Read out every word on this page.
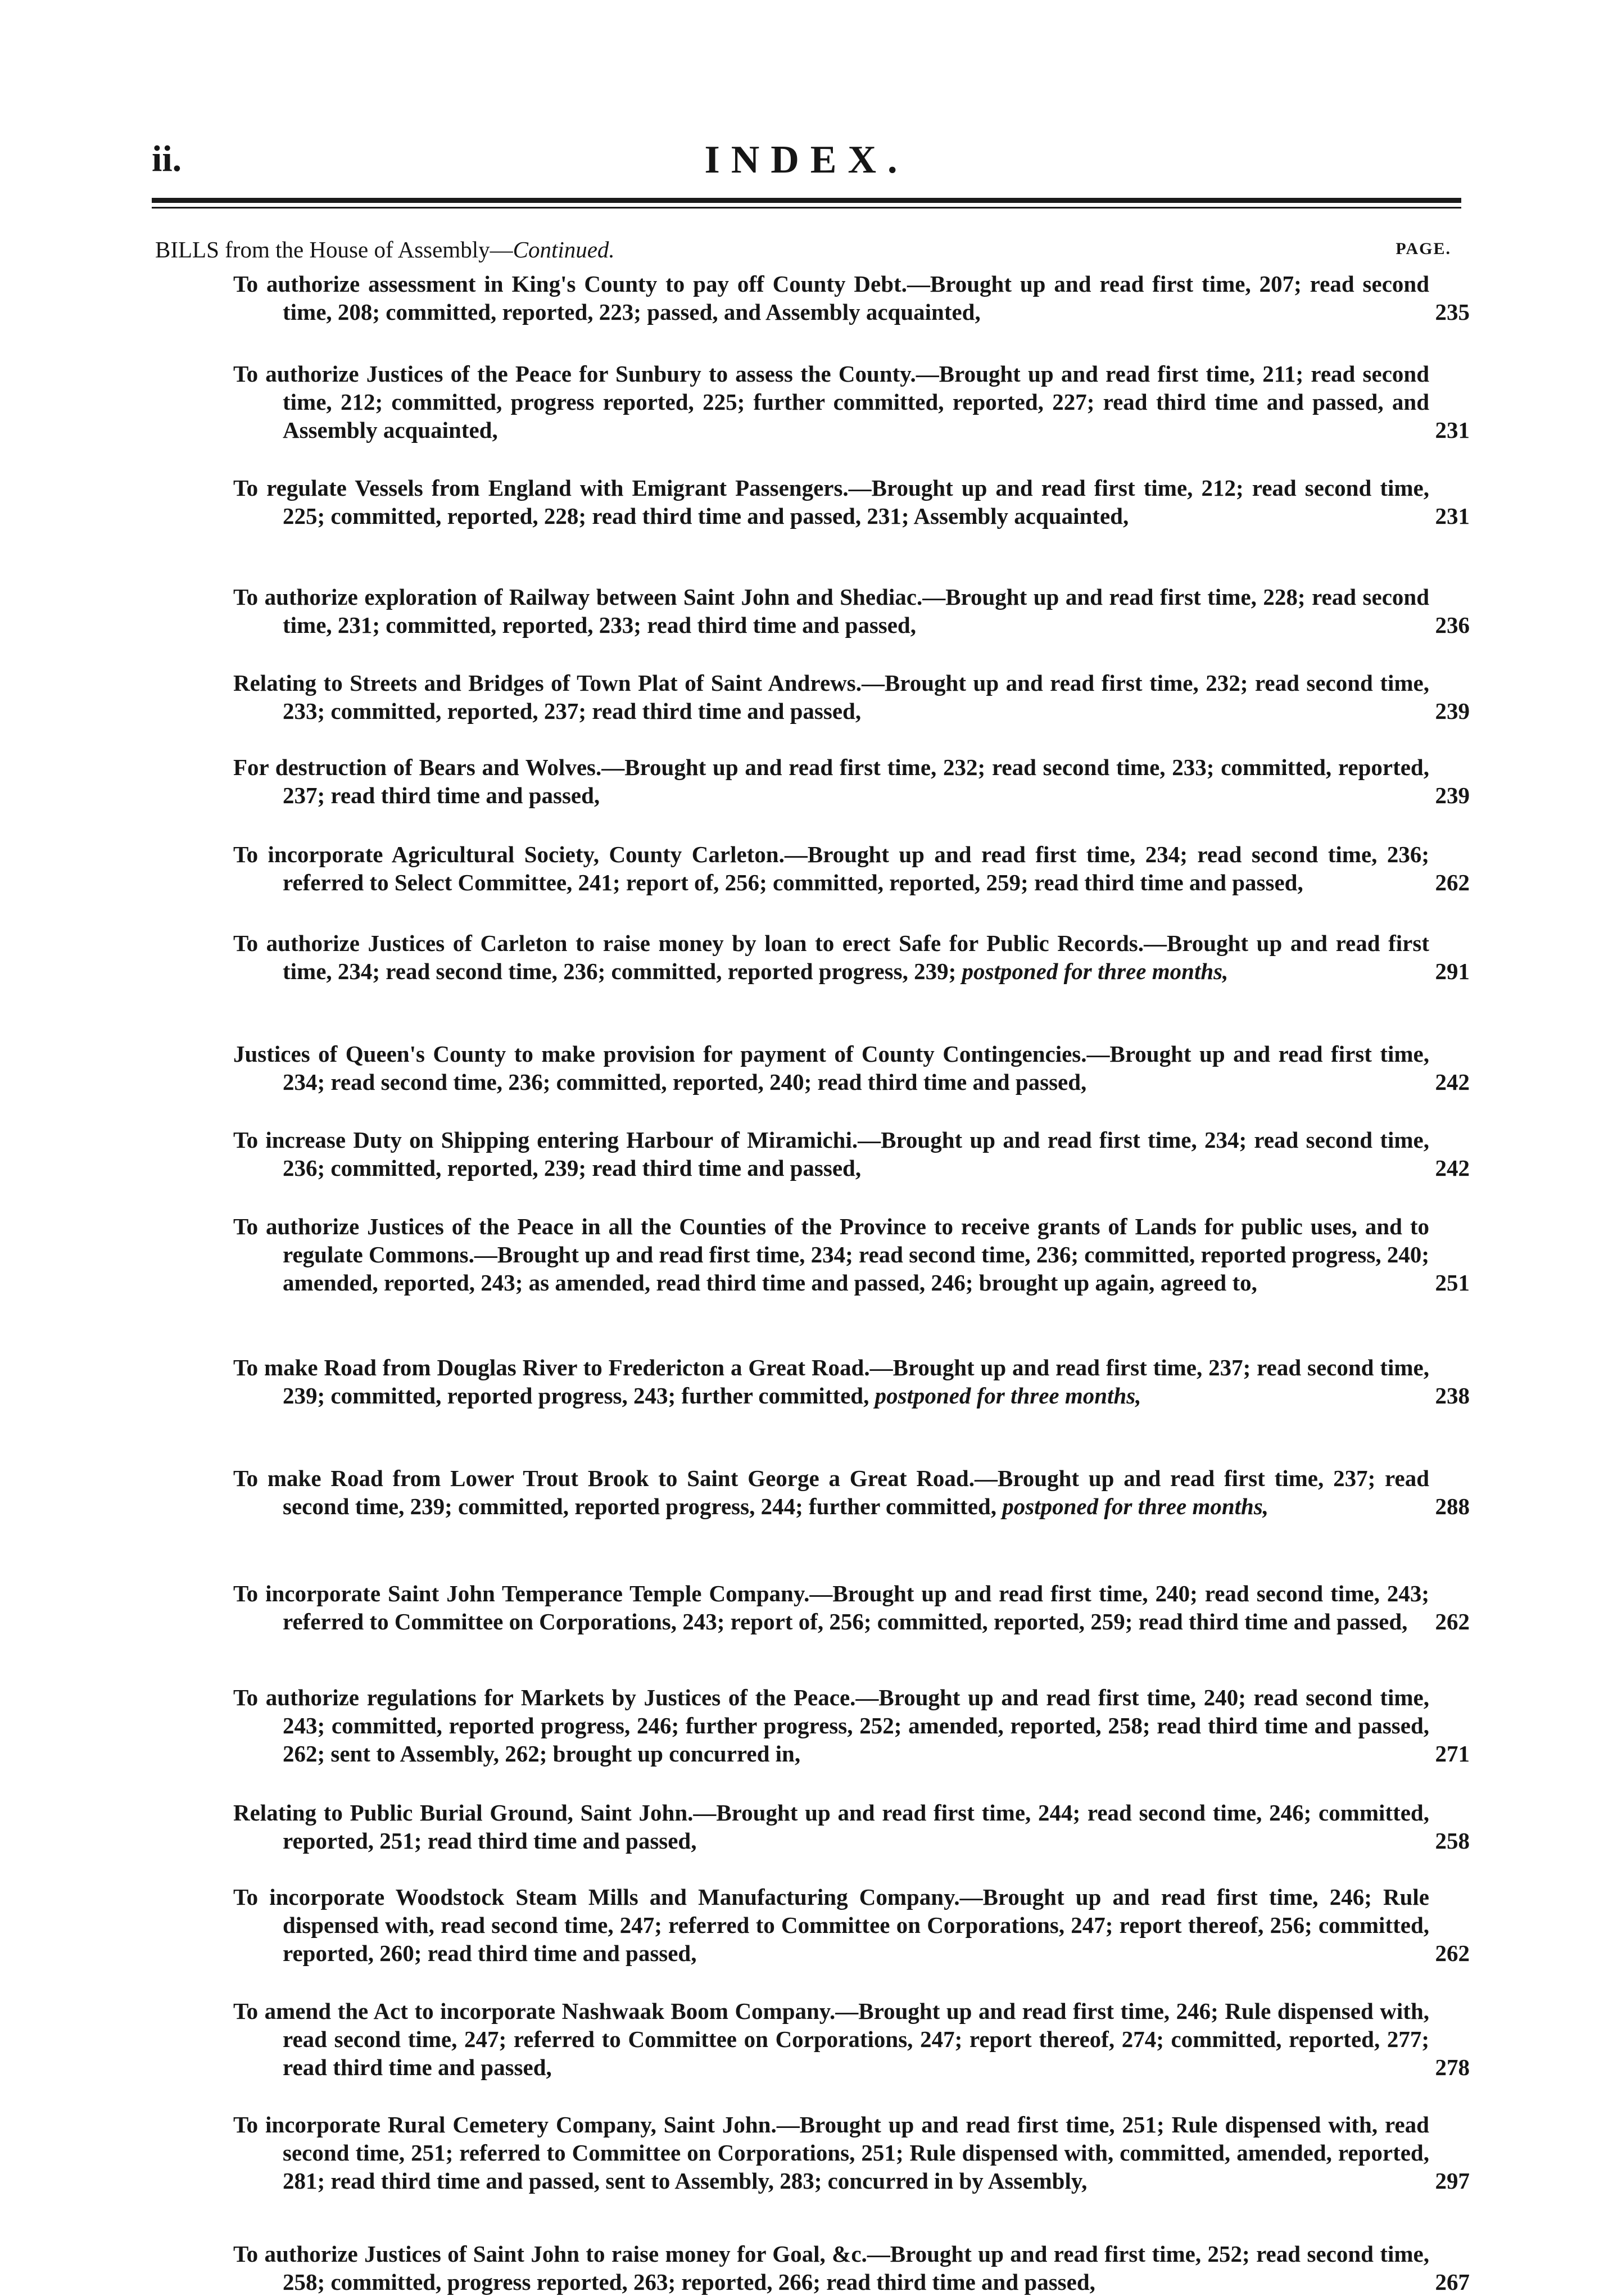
ii.	INDEX.
BILLS from the House of Assembly—Continued.	PAGE.
To authorize assessment in King's County to pay off County Debt.—Brought up and read first time, 207; read second time, 208; committed, reported, 223; passed, and Assembly acquainted,	235
To authorize Justices of the Peace for Sunbury to assess the County.—Brought up and read first time, 211; read second time, 212; committed, progress reported, 225; further committed, reported, 227; read third time and passed, and Assembly acquainted,	231
To regulate Vessels from England with Emigrant Passengers.—Brought up and read first time, 212; read second time, 225; committed, reported, 228; read third time and passed, 231; Assembly acquainted,	231
To authorize exploration of Railway between Saint John and Shediac.—Brought up and read first time, 228; read second time, 231; committed, reported, 233; read third time and passed,	236
Relating to Streets and Bridges of Town Plat of Saint Andrews.—Brought up and read first time, 232; read second time, 233; committed, reported, 237; read third time and passed,	239
For destruction of Bears and Wolves.—Brought up and read first time, 232; read second time, 233; committed, reported, 237; read third time and passed,	239
To incorporate Agricultural Society, County Carleton.—Brought up and read first time, 234; read second time, 236; referred to Select Committee, 241; report of, 256; committed, reported, 259; read third time and passed,	262
To authorize Justices of Carleton to raise money by loan to erect Safe for Public Records.—Brought up and read first time, 234; read second time, 236; committed, reported progress, 239; postponed for three months,	291
Justices of Queen's County to make provision for payment of County Contingencies.—Brought up and read first time, 234; read second time, 236; committed, reported, 240; read third time and passed,	242
To increase Duty on Shipping entering Harbour of Miramichi.—Brought up and read first time, 234; read second time, 236; committed, reported, 239; read third time and passed,	242
To authorize Justices of the Peace in all the Counties of the Province to receive grants of Lands for public uses, and to regulate Commons.—Brought up and read first time, 234; read second time, 236; committed, reported progress, 240; amended, reported, 243; as amended, read third time and passed, 246; brought up again, agreed to,	251
To make Road from Douglas River to Fredericton a Great Road.—Brought up and read first time, 237; read second time, 239; committed, reported progress, 243; further committed, postponed for three months,	238
To make Road from Lower Trout Brook to Saint George a Great Road.—Brought up and read first time, 237; read second time, 239; committed, reported progress, 244; further committed, postponed for three months,	288
To incorporate Saint John Temperance Temple Company.—Brought up and read first time, 240; read second time, 243; referred to Committee on Corporations, 243; report of, 256; committed, reported, 259; read third time and passed,	262
To authorize regulations for Markets by Justices of the Peace.—Brought up and read first time, 240; read second time, 243; committed, reported progress, 246; further progress, 252; amended, reported, 258; read third time and passed, 262; sent to Assembly, 262; brought up concurred in,	271
Relating to Public Burial Ground, Saint John.—Brought up and read first time, 244; read second time, 246; committed, reported, 251; read third time and passed,	258
To incorporate Woodstock Steam Mills and Manufacturing Company.—Brought up and read first time, 246; Rule dispensed with, read second time, 247; referred to Committee on Corporations, 247; report thereof, 256; committed, reported, 260; read third time and passed,	262
To amend the Act to incorporate Nashwaak Boom Company.—Brought up and read first time, 246; Rule dispensed with, read second time, 247; referred to Committee on Corporations, 247; report thereof, 274; committed, reported, 277; read third time and passed,	278
To incorporate Rural Cemetery Company, Saint John.—Brought up and read first time, 251; Rule dispensed with, read second time, 251; referred to Committee on Corporations, 251; Rule dispensed with, committed, amended, reported, 281; read third time and passed, sent to Assembly, 283; concurred in by Assembly,	297
To authorize Justices of Saint John to raise money for Goal, &c.—Brought up and read first time, 252; read second time, 258; committed, progress reported, 263; reported, 266; read third time and passed,	267
